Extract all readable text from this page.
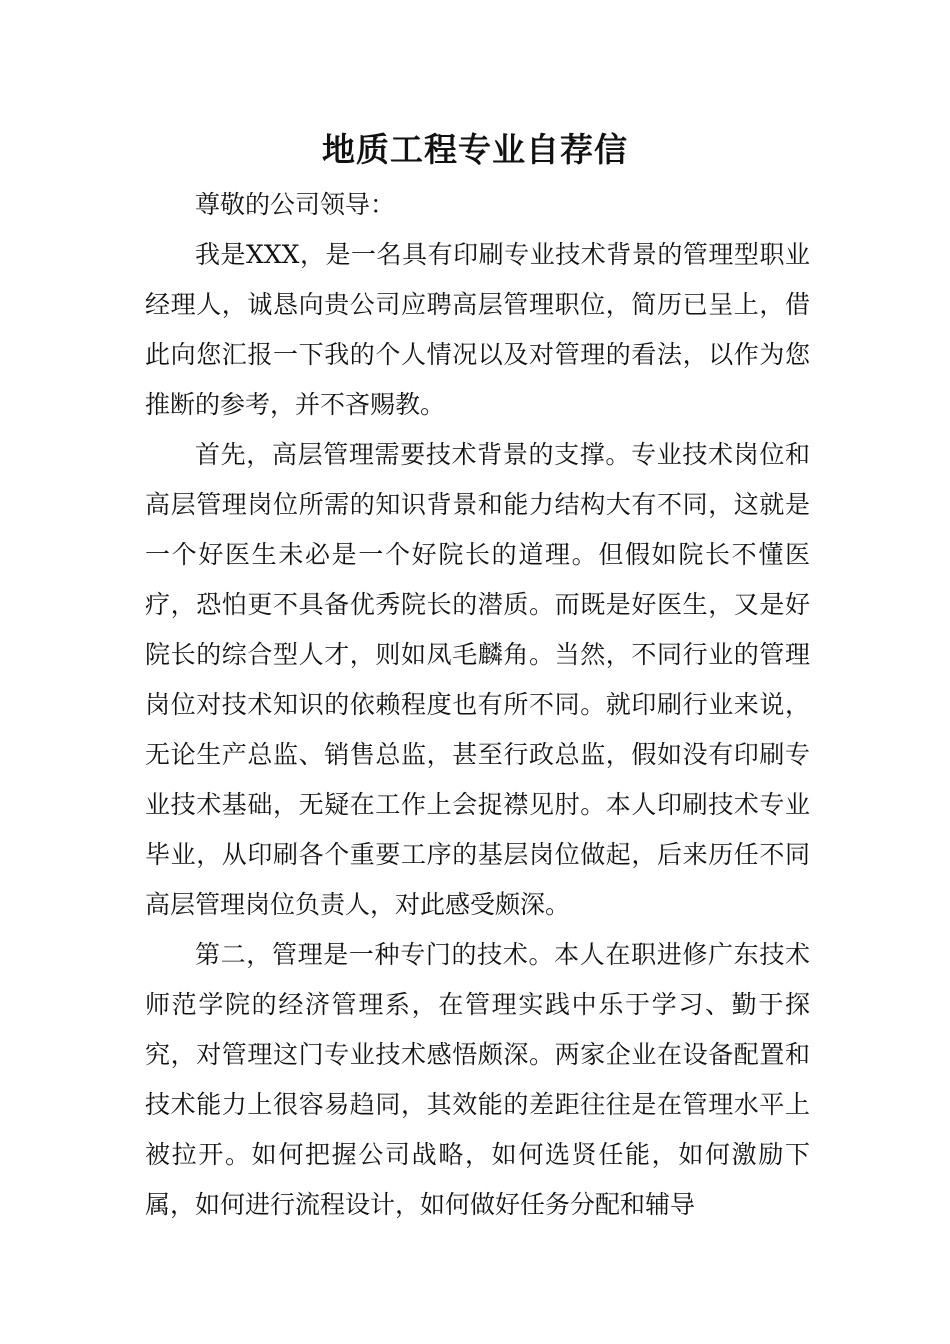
地质工程专业自荐信

尊敬的公司领导：

我是XXX，是一名具有印刷专业技术背景的管理型职业经理人，诚恳向贵公司应聘高层管理职位，简历已呈上，借此向您汇报一下我的个人情况以及对管理的看法，以作为您推断的参考，并不吝赐教。

首先，高层管理需要技术背景的支撑。专业技术岗位和高层管理岗位所需的知识背景和能力结构大有不同，这就是一个好医生未必是一个好院长的道理。但假如院长不懂医疗，恐怕更不具备优秀院长的潜质。而既是好医生，又是好院长的综合型人才，则如凤毛麟角。当然，不同行业的管理岗位对技术知识的依赖程度也有所不同。就印刷行业来说，无论生产总监、销售总监，甚至行政总监，假如没有印刷专业技术基础，无疑在工作上会捉襟见肘。本人印刷技术专业毕业，从印刷各个重要工序的基层岗位做起，后来历任不同高层管理岗位负责人，对此感受颇深。

第二，管理是一种专门的技术。本人在职进修广东技术师范学院的经济管理系，在管理实践中乐于学习、勤于探究，对管理这门专业技术感悟颇深。两家企业在设备配置和技术能力上很容易趋同，其效能的差距往往是在管理水平上被拉开。如何把握公司战略，如何选贤任能，如何激励下属，如何进行流程设计，如何做好任务分配和辅导
